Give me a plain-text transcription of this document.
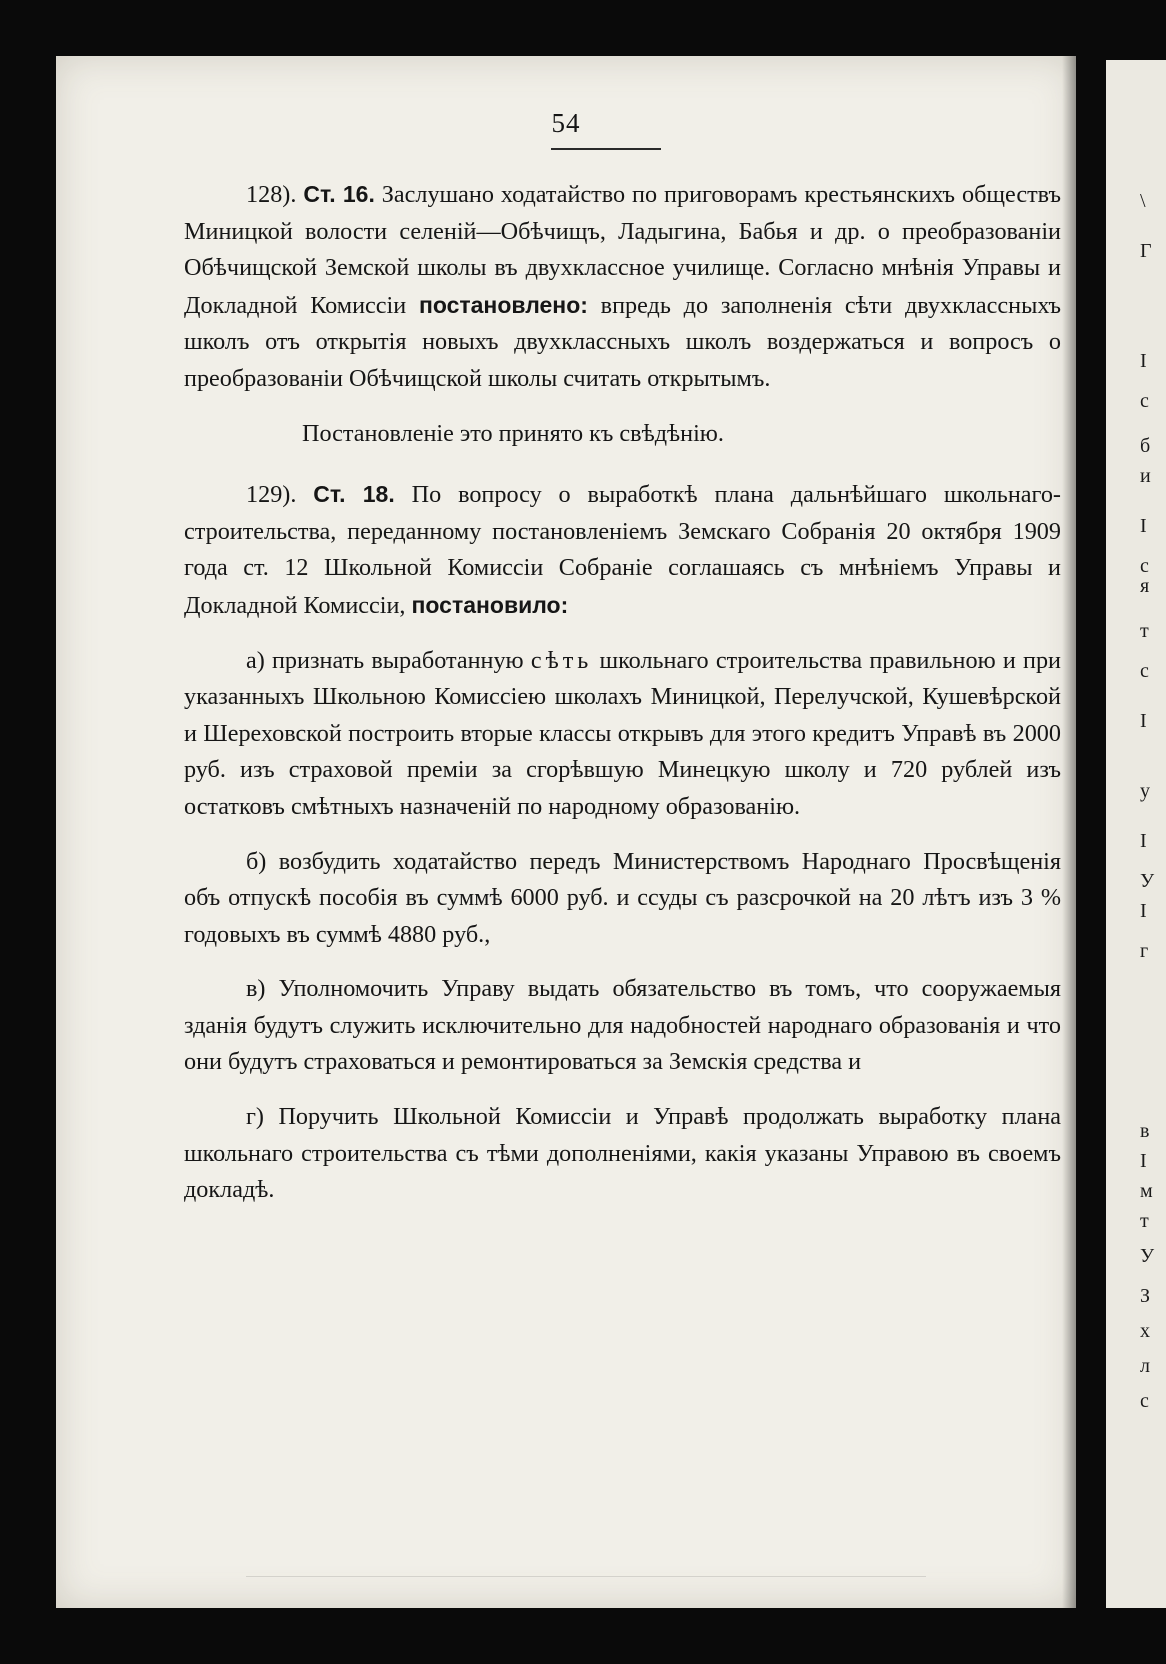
54

128). Ст. 16. Заслушано ходатайство по приговорамъ крестьянскихъ обществъ Миницкой волости селеній—Обѣчищъ, Ладыгина, Бабья и др. о преобразованіи Обѣчищской Земской школы въ двухклассное училище. Согласно мнѣнія Управы и Докладной Комиссіи постановлено: впредь до заполненія сѣти двухклассныхъ школъ отъ открытія новыхъ двухклассныхъ школъ воздержаться и вопросъ о преобразованіи Обѣчищской школы считать открытымъ.

Постановленіе это принято къ свѣдѣнію.

129). Ст. 18. По вопросу о выработкѣ плана дальнѣйшаго школьнаго-строительства, переданному постановленіемъ Земскаго Собранія 20 октября 1909 года ст. 12 Школьной Комиссіи Собраніе соглашаясь съ мнѣніемъ Управы и Докладной Комиссіи, постановило:

а) признать выработанную сѣть школьнаго строительства правильною и при указанныхъ Школьною Комиссіею школахъ Миницкой, Перелучской, Кушевѣрской и Шереховской построить вторые классы открывъ для этого кредитъ Управѣ въ 2000 руб. изъ страховой преміи за сгорѣвшую Минецкую школу и 720 рублей изъ остатковъ смѣтныхъ назначеній по народному образованію.

б) возбудить ходатайство передъ Министерствомъ Народнаго Просвѣщенія объ отпускѣ пособія въ суммѣ 6000 руб. и ссуды съ разсрочкой на 20 лѣтъ изъ 3 % годовыхъ въ суммѣ 4880 руб.,

в) Уполномочить Управу выдать обязательство въ томъ, что сооружаемыя зданія будутъ служить исключительно для надобностей народнаго образованія и что они будутъ страховаться и ремонтироваться за Земскія средства и

г) Поручить Школьной Комиссіи и Управѣ продолжать выработку плана школьнаго строительства съ тѣми дополненіями, какія указаны Управою въ своемъ докладѣ.

\
Г
I
с
б
и
I
с
я
т
с
I
у
I
У
I
г
в
I
м
т
У
З
х
л
с
